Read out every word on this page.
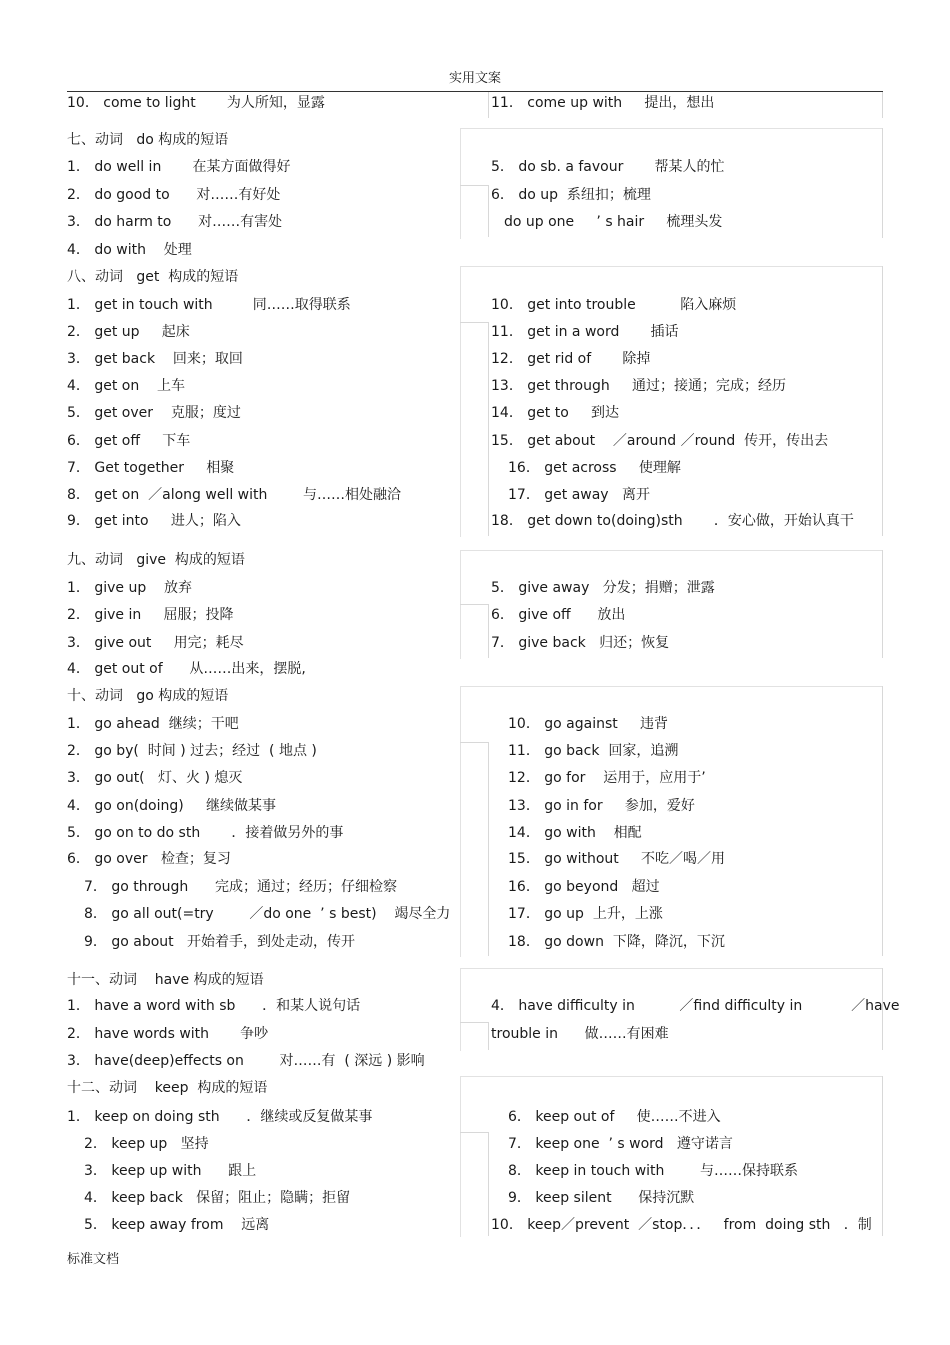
实用文案
10． come to light       为人所知，显露	11． come up with     提出，想出
七、动词   do 构成的短语
1． do well in       在某方面做得好	5． do sb. a favour       帮某人的忙
2． do good to      对……有好处	6． do up  系纽扣；梳理
3． do harm to      对……有害处	do up one     ’ s hair     梳理头发
4． do with    处理
八、动词   get  构成的短语
1． get in touch with         同……取得联系	10． get into trouble          陷入麻烦
2． get up     起床	11． get in a word       插话
3． get back    回来；取回	12． get rid of       除掉
4． get on    上车	13． get through     通过；接通；完成；经历
5． get over    克服；度过	14． get to     到达
6． get off     下车	15． get about    ／around ／round  传开，传出去
7． Get together     相聚	16． get across     使理解
8． get on  ／along well with        与……相处融洽	17． get away   离开
9． get into     进人；陷入	18． get down to(doing)sth       ．安心做，开始认真干
九、动词   give  构成的短语
1． give up    放弃	5． give away   分发；捐赠；泄露
2． give in     屈服；投降	6． give off      放出
3． give out     用完；耗尽	7． give back   归还；恢复
4． get out of      从……出来，摆脱,
十、动词   go 构成的短语
1． go ahead  继续；干吧	10． go against     违背
2． go by(  时间 ) 过去；经过  ( 地点 )	11． go back  回家，追溯
3． go out(   灯、火 ) 熄灭	12． go for    运用于，应用于’
4． go on(doing)     继续做某事	13． go in for     参加，爱好
5． go on to do sth       ．接着做另外的事	14． go with    相配
6． go over   检查；复习	15． go without     不吃／喝／用
7． go through      完成；通过；经历；仔细检察	16． go beyond   超过
8． go all out(=try        ／do one  ’ s best)    竭尽全力	17． go up  上升，上涨
9． go about   开始着手，到处走动，传开	18． go down  下降，降沉，下沉
十一、动词    have 构成的短语
1． have a word with sb      ．和某人说句话	4． have difficulty in          ／find difficulty in           ／have
2． have words with       争吵	trouble in      做……有困难
3． have(deep)effects on        对……有  ( 深远 ) 影响
十二、动词    keep  构成的短语
1． keep on doing sth      ．继续或反复做某事	6． keep out of     使……不进入
2． keep up   坚持	7． keep one  ’ s word   遵守诺言
3． keep up with      跟上	8． keep in touch with        与……保持联系
4． keep back   保留；阻止；隐瞒；拒留	9． keep silent      保持沉默
5． keep away from    远离	10． keep／prevent  ／stop．．．   from  doing sth   ．制
标准文档
